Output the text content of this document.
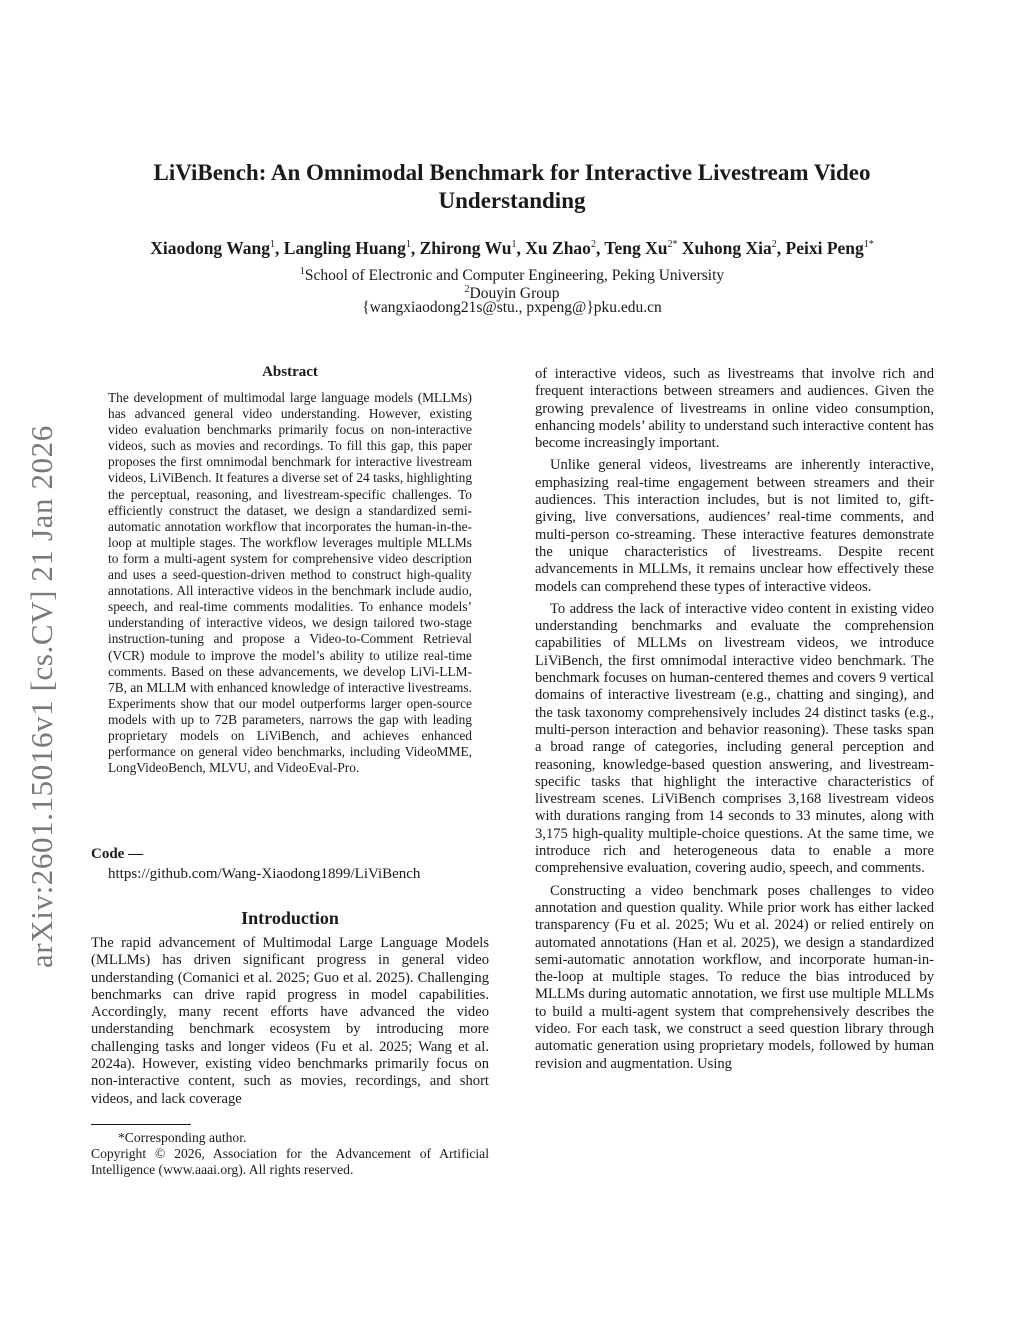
arXiv:2601.15016v1 [cs.CV] 21 Jan 2026
LiViBench: An Omnimodal Benchmark for Interactive Livestream Video Understanding
Xiaodong Wang$^1$, Langling Huang$^1$, Zhirong Wu$^1$, Xu Zhao$^2$, Teng $Xu^{2*}$ Xuhong Xia$^2$, Peixi Peng$^{1*}$
$^1$School of Electronic and Computer Engineering, Peking University
$^2$Douyin Group
{wangxiaodong21s@stu., pxpeng@}pku.edu.cn
Abstract

The development of multimodal large language models (MLLMs) has advanced general video understanding. However, existing video evaluation benchmarks primarily focus on non-interactive videos, such as movies and recordings. To fill this gap, this paper proposes the first omnimodal benchmark for interactive livestream videos, LiViBench. It features a diverse set of 24 tasks, highlighting the perceptual, reasoning, and livestream-specific challenges. To efficiently construct the dataset, we design a standardized semi-automatic annotation workflow that incorporates the human-in-the-loop at multiple stages. The workflow leverages multiple MLLMs to form a multi-agent system for comprehensive video description and uses a seed-question-driven method to construct high-quality annotations. All interactive videos in the benchmark include audio, speech, and real-time comments modalities. To enhance models’ understanding of interactive videos, we design tailored two-stage instruction-tuning and propose a Video-to-Comment Retrieval (VCR) module to improve the model’s ability to utilize real-time comments. Based on these advancements, we develop LiVi-LLM-7B, an MLLM with enhanced knowledge of interactive livestreams. Experiments show that our model outperforms larger open-source models with up to 72B parameters, narrows the gap with leading proprietary models on LiViBench, and achieves enhanced performance on general video benchmarks, including VideoMME, LongVideoBench, MLVU, and VideoEval-Pro.

Code —
https://github.com/Wang-Xiaodong1899/LiViBench
Introduction

The rapid advancement of Multimodal Large Language Models (MLLMs) has driven significant progress in general video understanding (Comanici et al. 2025; Guo et al. 2025). Challenging benchmarks can drive rapid progress in model capabilities. Accordingly, many recent efforts have advanced the video understanding benchmark ecosystem by introducing more challenging tasks and longer videos (Fu et al. 2025; Wang et al. 2024a). However, existing video benchmarks primarily focus on non-interactive content, such as movies, recordings, and short videos, and lack coverage

*Corresponding author.

Copyright © 2026, Association for the Advancement of Artificial Intelligence (www.aaai.org). All rights reserved.

of interactive videos, such as livestreams that involve rich and frequent interactions between streamers and audiences. Given the growing prevalence of livestreams in online video consumption, enhancing models’ ability to understand such interactive content has become increasingly important.

Unlike general videos, livestreams are inherently interactive, emphasizing real-time engagement between streamers and their audiences. This interaction includes, but is not limited to, gift-giving, live conversations, audiences’ real-time comments, and multi-person co-streaming. These interactive features demonstrate the unique characteristics of livestreams. Despite recent advancements in MLLMs, it remains unclear how effectively these models can comprehend these types of interactive videos.

To address the lack of interactive video content in existing video understanding benchmarks and evaluate the comprehension capabilities of MLLMs on livestream videos, we introduce LiViBench, the first omnimodal interactive video benchmark. The benchmark focuses on human-centered themes and covers 9 vertical domains of interactive livestream (e.g., chatting and singing), and the task taxonomy comprehensively includes 24 distinct tasks (e.g., multi-person interaction and behavior reasoning). These tasks span a broad range of categories, including general perception and reasoning, knowledge-based question answering, and livestream-specific tasks that highlight the interactive characteristics of livestream scenes. LiViBench comprises 3,168 livestream videos with durations ranging from 14 seconds to 33 minutes, along with 3,175 high-quality multiple-choice questions. At the same time, we introduce rich and heterogeneous data to enable a more comprehensive evaluation, covering audio, speech, and comments.

Constructing a video benchmark poses challenges to video annotation and question quality. While prior work has either lacked transparency (Fu et al. 2025; Wu et al. 2024) or relied entirely on automated annotations (Han et al. 2025), we design a standardized semi-automatic annotation workflow, and incorporate human-in-the-loop at multiple stages. To reduce the bias introduced by MLLMs during automatic annotation, we first use multiple MLLMs to build a multi-agent system that comprehensively describes the video. For each task, we construct a seed question library through automatic generation using proprietary models, followed by human revision and augmentation. Using
